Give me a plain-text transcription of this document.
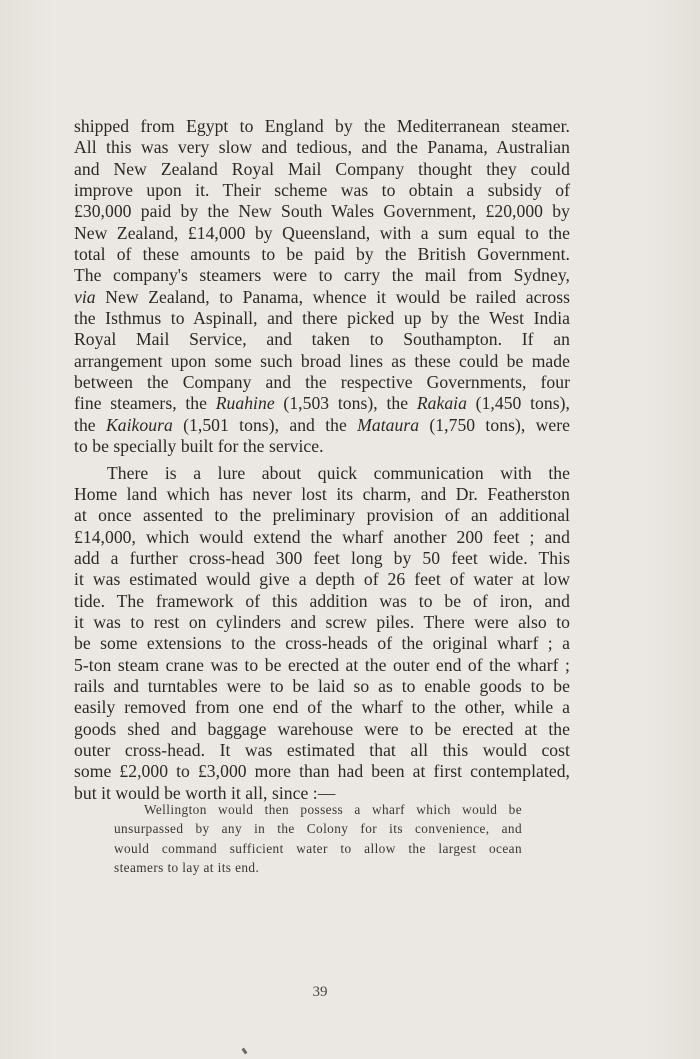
shipped from Egypt to England by the Mediterranean steamer.
All this was very slow and tedious, and the Panama, Australian
and New Zealand Royal Mail Company thought they could
improve upon it. Their scheme was to obtain a subsidy of
£30,000 paid by the New South Wales Government, £20,000 by
New Zealand, £14,000 by Queensland, with a sum equal to the
total of these amounts to be paid by the British Government.
The company's steamers were to carry the mail from Sydney,
via New Zealand, to Panama, whence it would be railed across
the Isthmus to Aspinall, and there picked up by the West India
Royal Mail Service, and taken to Southampton. If an
arrangement upon some such broad lines as these could be made
between the Company and the respective Governments, four
fine steamers, the Ruahine (1,503 tons), the Rakaia (1,450 tons),
the Kaikoura (1,501 tons), and the Mataura (1,750 tons), were
to be specially built for the service.

There is a lure about quick communication with the
Home land which has never lost its charm, and Dr. Featherston
at once assented to the preliminary provision of an additional
£14,000, which would extend the wharf another 200 feet ; and
add a further cross-head 300 feet long by 50 feet wide. This
it was estimated would give a depth of 26 feet of water at low
tide. The framework of this addition was to be of iron, and
it was to rest on cylinders and screw piles. There were also to
be some extensions to the cross-heads of the original wharf ; a
5-ton steam crane was to be erected at the outer end of the wharf ;
rails and turntables were to be laid so as to enable goods to be
easily removed from one end of the wharf to the other, while a
goods shed and baggage warehouse were to be erected at the
outer cross-head. It was estimated that all this would cost
some £2,000 to £3,000 more than had been at first contemplated,
but it would be worth it all, since :—

Wellington would then possess a wharf which would be
unsurpassed by any in the Colony for its convenience, and
would command sufficient water to allow the largest ocean
steamers to lay at its end.
39
